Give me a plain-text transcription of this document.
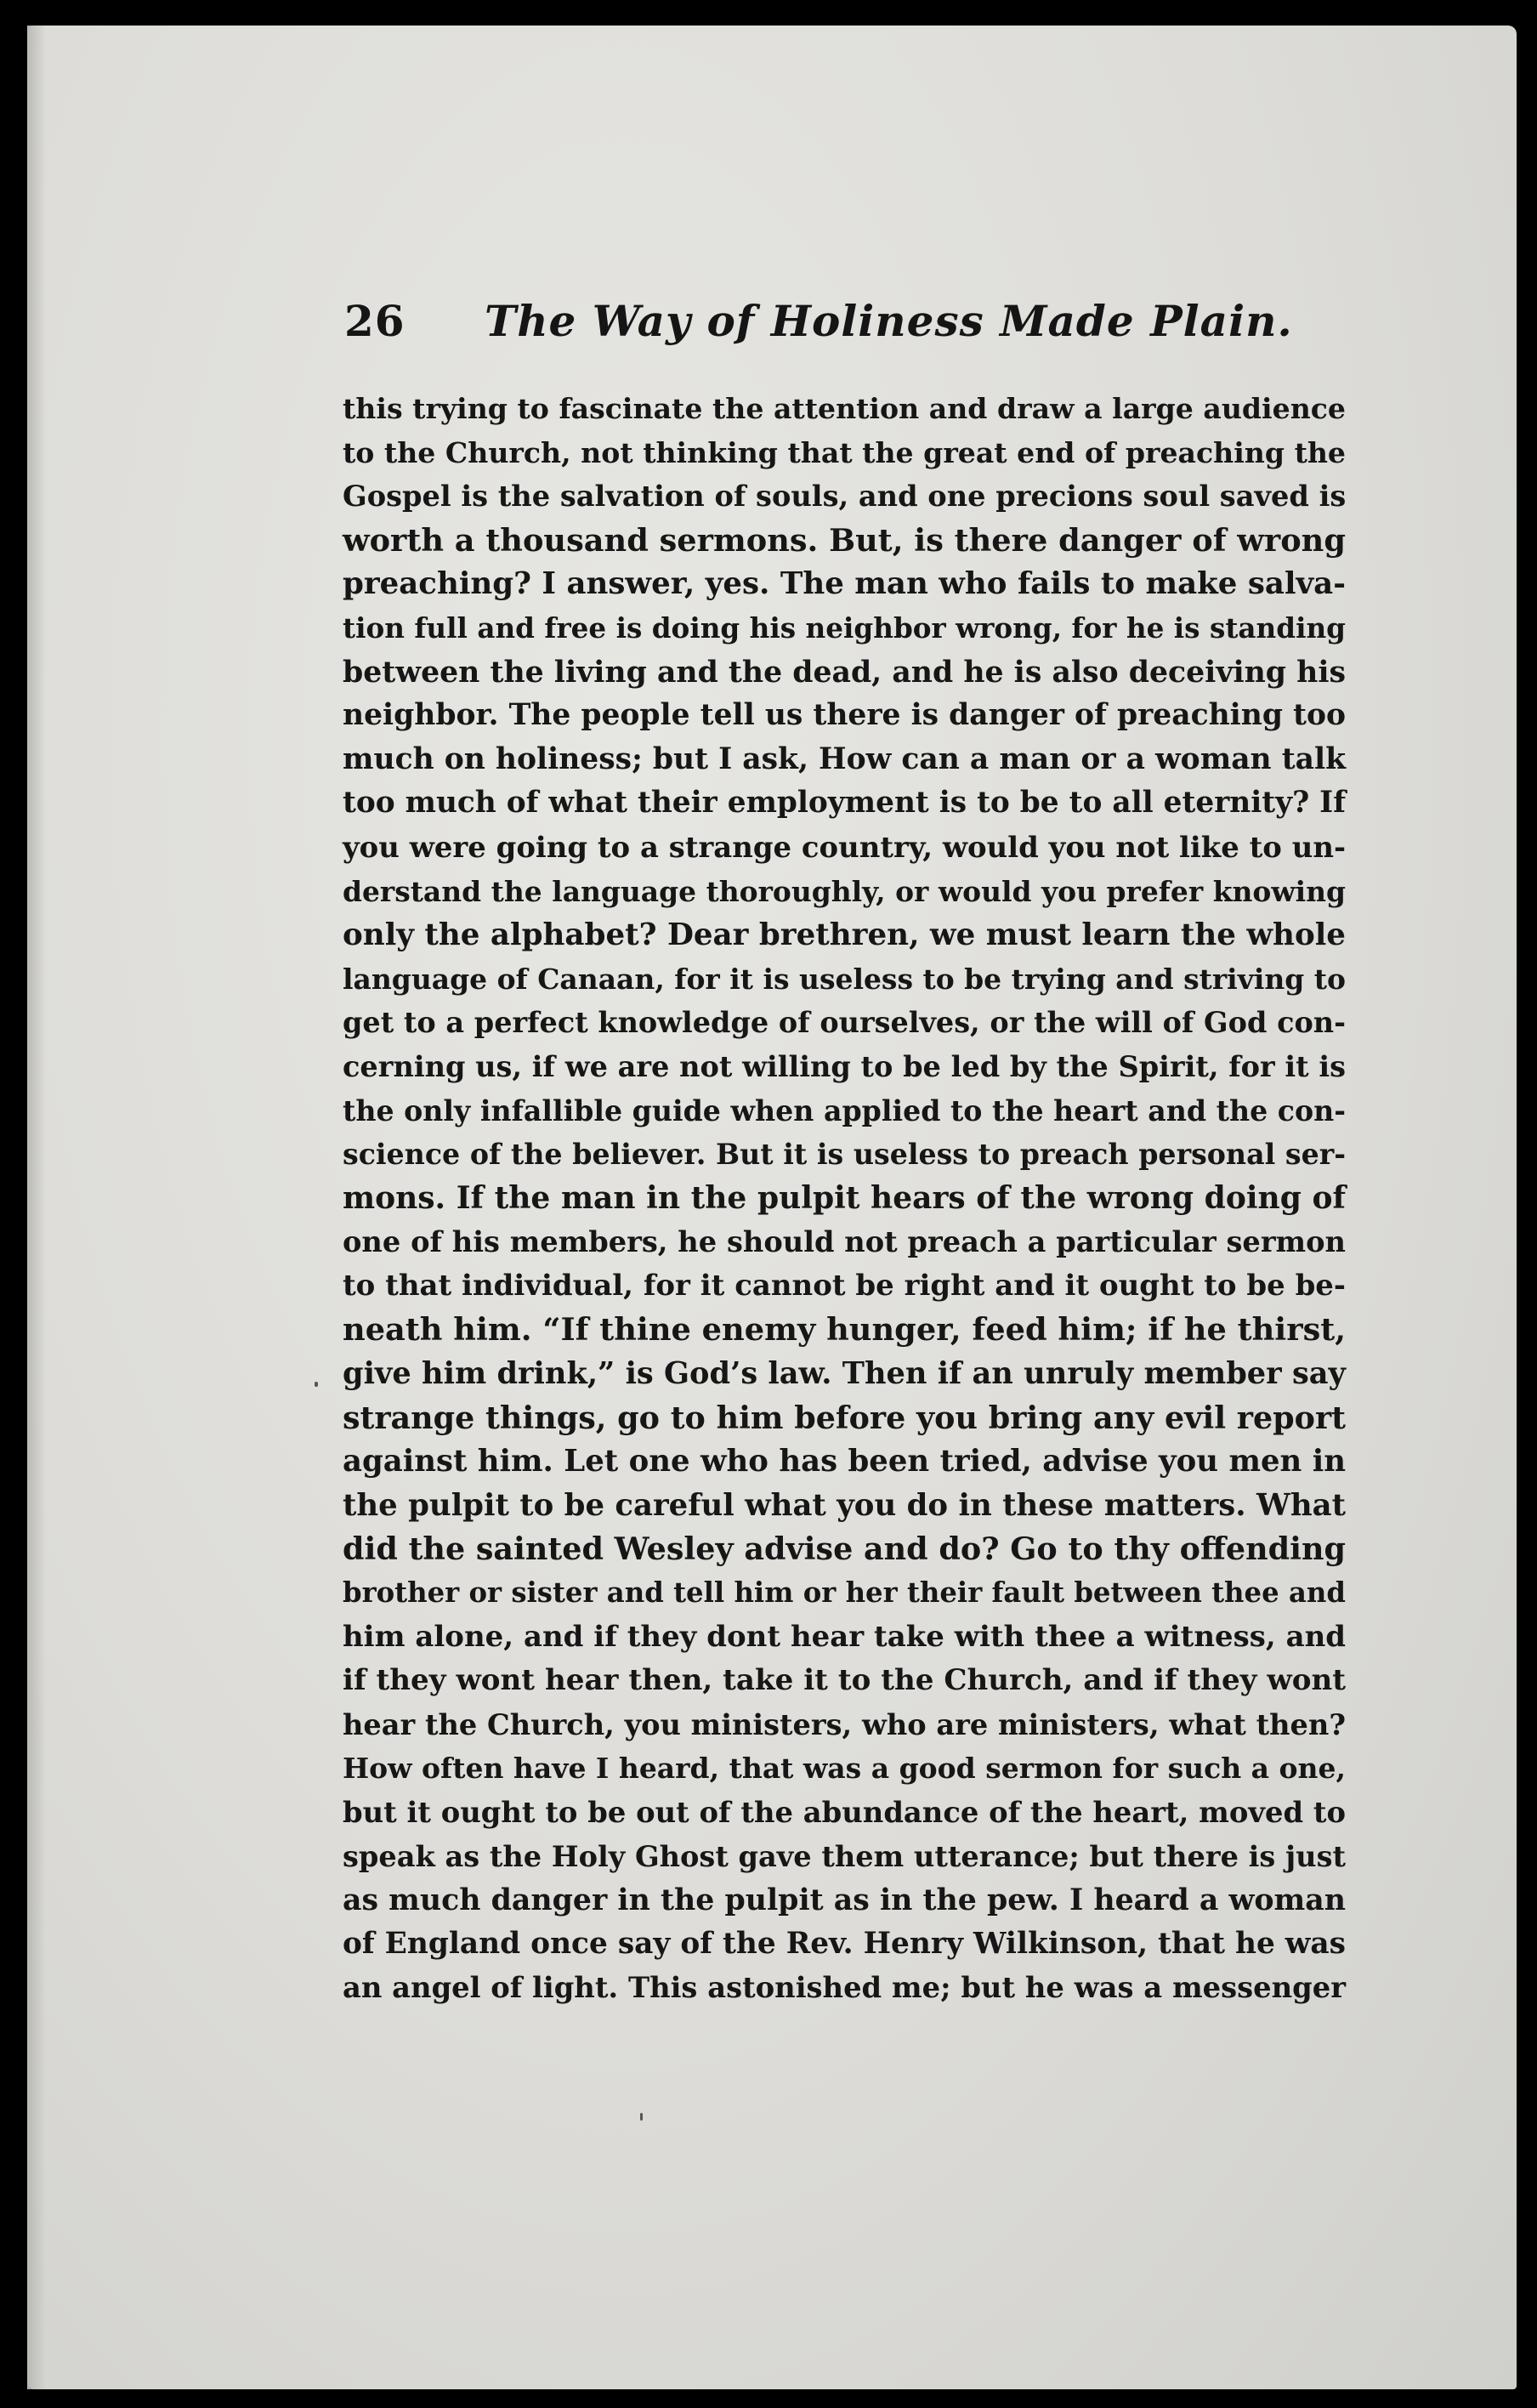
26 The Way of Holiness Made Plain.
this trying to fascinate the attention and draw a large audience
to the Church, not thinking that the great end of preaching the
Gospel is the salvation of souls, and one precions soul saved is
worth a thousand sermons. But, is there danger of wrong
preaching? I answer, yes. The man who fails to make salva-
tion full and free is doing his neighbor wrong, for he is standing
between the living and the dead, and he is also deceiving his
neighbor. The people tell us there is danger of preaching too
much on holiness; but I ask, How can a man or a woman talk
too much of what their employment is to be to all eternity? If
you were going to a strange country, would you not like to un-
derstand the language thoroughly, or would you prefer knowing
only the alphabet? Dear brethren, we must learn the whole
language of Canaan, for it is useless to be trying and striving to
get to a perfect knowledge of ourselves, or the will of God con-
cerning us, if we are not willing to be led by the Spirit, for it is
the only infallible guide when applied to the heart and the con-
science of the believer. But it is useless to preach personal ser-
mons. If the man in the pulpit hears of the wrong doing of
one of his members, he should not preach a particular sermon
to that individual, for it cannot be right and it ought to be be-
neath him. “If thine enemy hunger, feed him; if he thirst,
give him drink,” is God’s law. Then if an unruly member say
strange things, go to him before you bring any evil report
against him. Let one who has been tried, advise you men in
the pulpit to be careful what you do in these matters. What
did the sainted Wesley advise and do? Go to thy offending
brother or sister and tell him or her their fault between thee and
him alone, and if they dont hear take with thee a witness, and
if they wont hear then, take it to the Church, and if they wont
hear the Church, you ministers, who are ministers, what then?
How often have I heard, that was a good sermon for such a one,
but it ought to be out of the abundance of the heart, moved to
speak as the Holy Ghost gave them utterance; but there is just
as much danger in the pulpit as in the pew. I heard a woman
of England once say of the Rev. Henry Wilkinson, that he was
an angel of light. This astonished me; but he was a messenger
